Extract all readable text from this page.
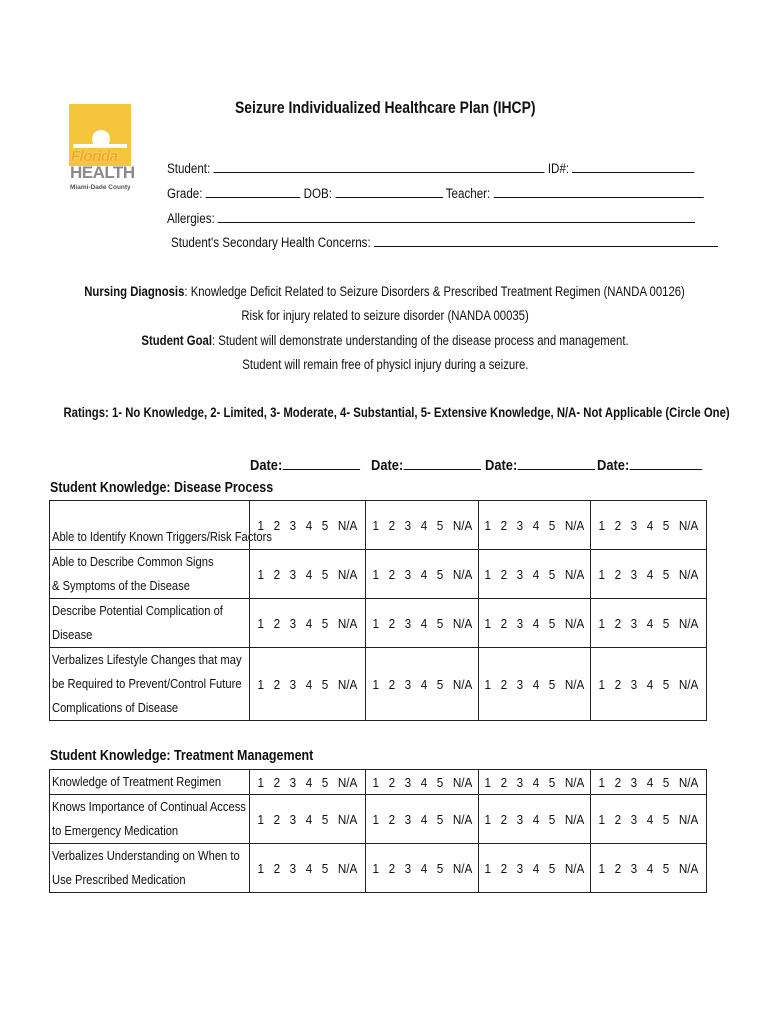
Florida
HEALTH
Miami-Dade County
Seizure Individualized Healthcare Plan (IHCP)
Student:	ID#:
Grade:	DOB:	Teacher:
Allergies:
Student's Secondary Health Concerns:
Nursing Diagnosis: Knowledge Deficit Related to Seizure Disorders & Prescribed Treatment Regimen (NANDA 00126)
Risk for injury related to seizure disorder (NANDA 00035)
Student Goal: Student will demonstrate understanding of the disease process and management.
Student will remain free of physicl injury during a seizure.
Ratings: 1- No Knowledge, 2- Limited, 3- Moderate, 4- Substantial, 5- Extensive Knowledge, N/A- Not Applicable (Circle One)
Date:	Date:	Date:	Date:
Student Knowledge: Disease Process
Able to Identify Known Triggers/Risk Factors	1 2 3 4 5 N/A	1 2 3 4 5 N/A	1 2 3 4 5 N/A	1 2 3 4 5 N/A

Able to Describe Common Signs
& Symptoms of the Disease	1 2 3 4 5 N/A	1 2 3 4 5 N/A	1 2 3 4 5 N/A	1 2 3 4 5 N/A

Describe Potential Complication of
Disease	1 2 3 4 5 N/A	1 2 3 4 5 N/A	1 2 3 4 5 N/A	1 2 3 4 5 N/A

Verbalizes Lifestyle Changes that may
be Required to Prevent/Control Future
Complications of Disease	1 2 3 4 5 N/A	1 2 3 4 5 N/A	1 2 3 4 5 N/A	1 2 3 4 5 N/A
Student Knowledge: Treatment Management
Knowledge of Treatment Regimen	1 2 3 4 5 N/A	1 2 3 4 5 N/A	1 2 3 4 5 N/A	1 2 3 4 5 N/A

Knows Importance of Continual Access
to Emergency Medication	1 2 3 4 5 N/A	1 2 3 4 5 N/A	1 2 3 4 5 N/A	1 2 3 4 5 N/A

Verbalizes Understanding on When to
Use Prescribed Medication	1 2 3 4 5 N/A	1 2 3 4 5 N/A	1 2 3 4 5 N/A	1 2 3 4 5 N/A
